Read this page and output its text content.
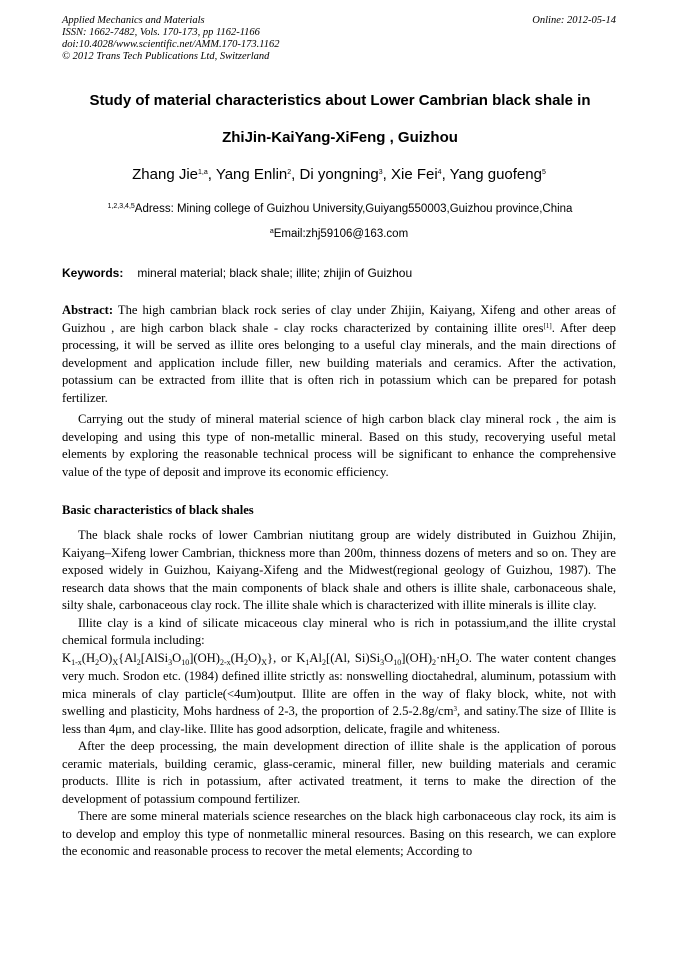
Applied Mechanics and Materials
ISSN: 1662-7482, Vols. 170-173, pp 1162-1166
doi:10.4028/www.scientific.net/AMM.170-173.1162
© 2012 Trans Tech Publications Ltd, Switzerland
Online: 2012-05-14
Study of material characteristics about Lower Cambrian black shale in
ZhiJin-KaiYang-XiFeng , Guizhou
Zhang Jie$^{1,a}$, Yang Enlin$^2$, Di yongning$^3$, Xie Fei$^4$, Yang guofeng$^5$
$^{1,2,3,4,5}$Adress: Mining college of Guizhou University,Guiyang550003,Guizhou province,China
$^a$Email:zhj59106@163.com
Keywords: mineral material; black shale; illite; zhijin of Guizhou

Abstract: The high cambrian black rock series of clay under Zhijin, Kaiyang, Xifeng and other areas of Guizhou , are high carbon black shale - clay rocks characterized by containing illite ores[1]. After deep processing, it will be served as illite ores belonging to a useful clay minerals, and the main directions of development and application include filler, new building materials and ceramics. After the activation, potassium can be extracted from illite that is often rich in potassium which can be prepared for potash fertilizer.

Carrying out the study of mineral material science of high carbon black clay mineral rock , the aim is developing and using this type of non-metallic mineral. Based on this study, recoverying useful metal elements by exploring the reasonable technical process will be significant to enhance the comprehensive value of the type of deposit and improve its economic efficiency.

Basic characteristics of black shales

The black shale rocks of lower Cambrian niutitang group are widely distributed in Guizhou Zhijin, Kaiyang–Xifeng lower Cambrian, thickness more than 200m, thinness dozens of meters and so on. They are exposed widely in Guizhou, Kaiyang-Xifeng and the Midwest(regional geology of Guizhou, 1987). The research data shows that the main components of black shale and others is illite shale, carbonaceous shale, silty shale, carbonaceous clay rock. The illite shale which is characterized with illite minerals is illite clay.

Illite clay is a kind of silicate micaceous clay mineral who is rich in potassium,and the illite crystal chemical formula including:

$K_{1-x}(H_2O)_X\{Al_2[AlSi_3O_{10}](OH)_{2-x}(H_2O)_X\}$, or $K_1Al_2[(Al$, $Si)Si_3O_{10}](OH)_2\cdot nH_2O$. The water content changes very much. Srodon etc. (1984) defined illite strictly as: nonswelling dioctahedral, aluminum, potassium with mica minerals of clay particle(<4um)output. Illite are offen in the way of flaky block, white, not with swelling and plasticity, Mohs hardness of 2-3, the proportion of $2.5-2.8g/cm^3$, and satiny.The size of Illite is less than 4μm, and clay-like. Illite has good adsorption, delicate, fragile and whiteness.

After the deep processing, the main development direction of illite shale is the application of porous ceramic materials, building ceramic, glass-ceramic, mineral filler, new building materials and ceramic products. Illite is rich in potassium, after activated treatment, it terns to make the direction of the development of potassium compound fertilizer.

There are some mineral materials science researches on the black high carbonaceous clay rock, its aim is to develop and employ this type of nonmetallic mineral resources. Basing on this research, we can explore the economic and reasonable process to recover the metal elements; According to
